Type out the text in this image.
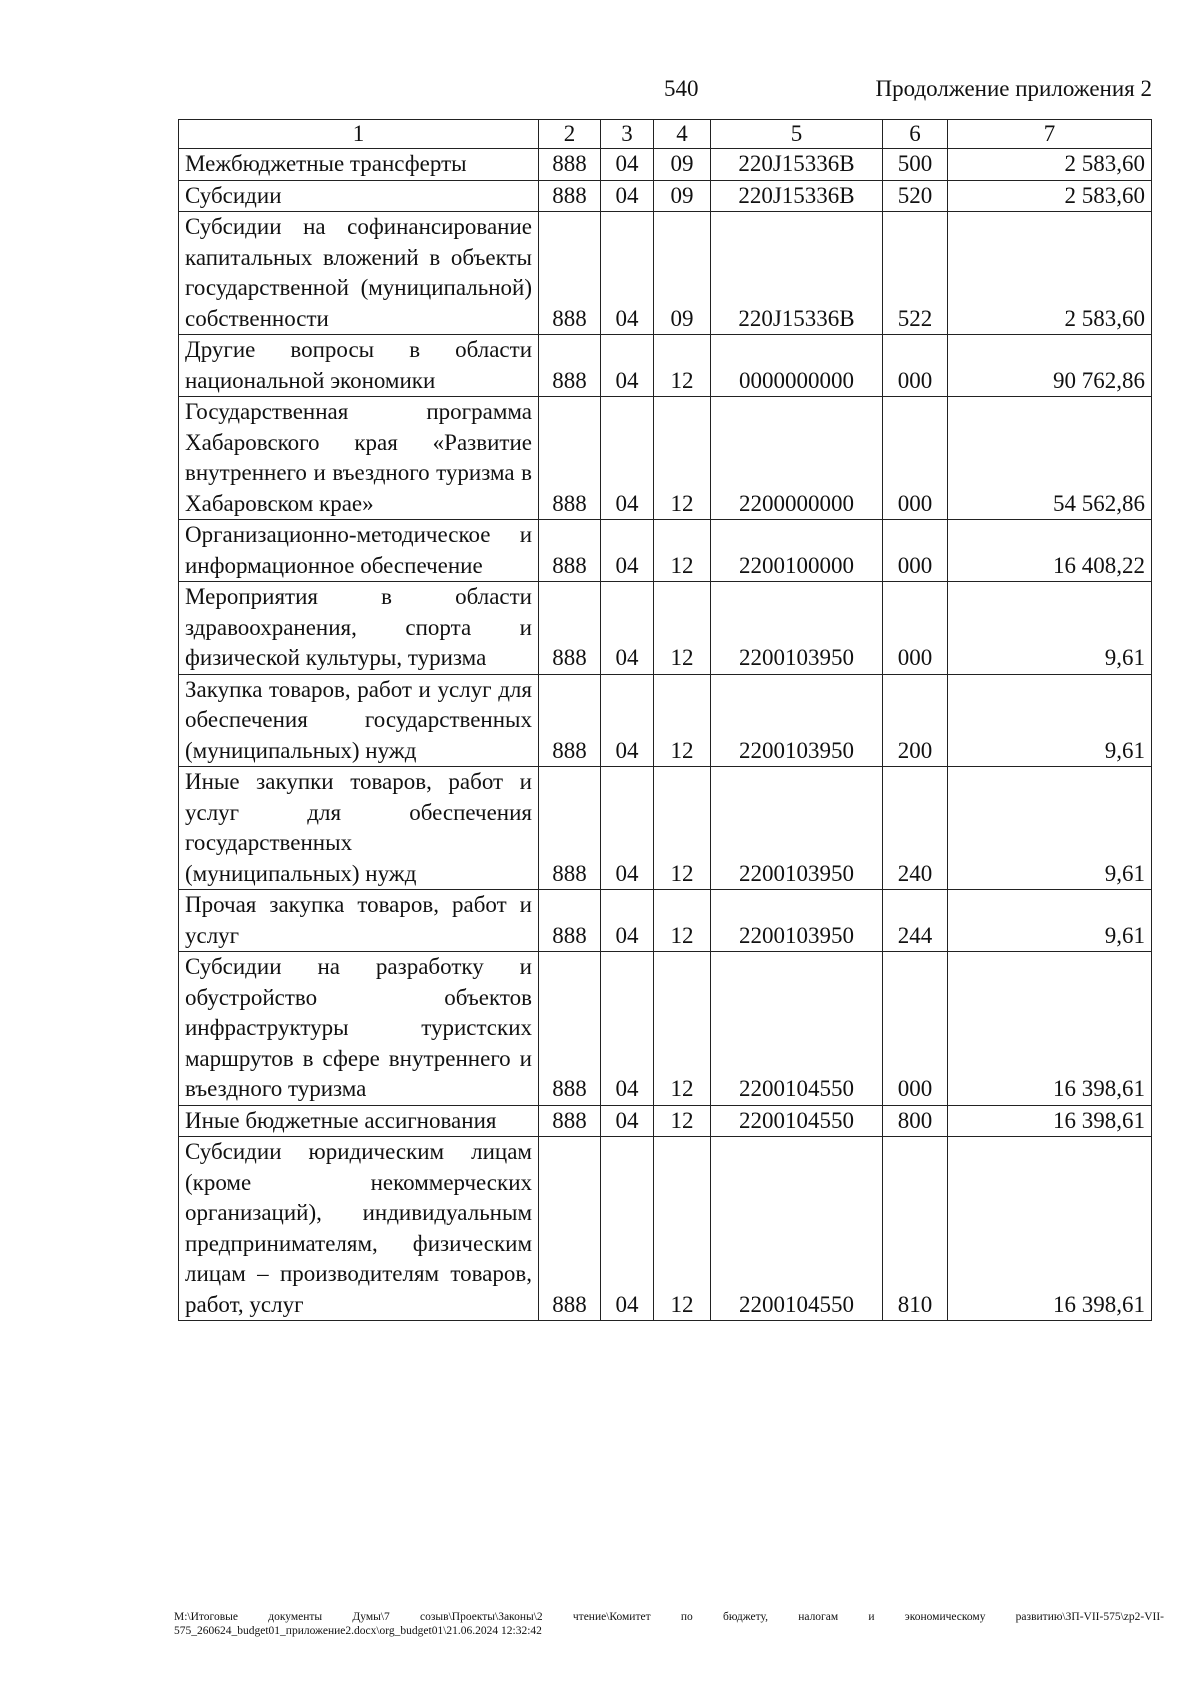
540	Продолжение приложения 2
1	2	3	4	5	6	7
Межбюджетные трансферты	888	04	09	220J15336В	500	2 583,60
Субсидии	888	04	09	220J15336В	520	2 583,60
Субсидии на софинансирование капитальных вложений в объекты государственной (муниципальной) собственности	888	04	09	220J15336В	522	2 583,60
Другие вопросы в области национальной экономики	888	04	12	0000000000	000	90 762,86
Государственная программа Хабаровского края «Развитие внутреннего и въездного туризма в Хабаровском крае»	888	04	12	2200000000	000	54 562,86
Организационно-методическое и информационное обеспечение	888	04	12	2200100000	000	16 408,22
Мероприятия в области здравоохранения, спорта и физической культуры, туризма	888	04	12	2200103950	000	9,61
Закупка товаров, работ и услуг для обеспечения государственных (муниципальных) нужд	888	04	12	2200103950	200	9,61
Иные закупки товаров, работ и услуг для обеспечения государственных (муниципальных) нужд	888	04	12	2200103950	240	9,61
Прочая закупка товаров, работ и услуг	888	04	12	2200103950	244	9,61
Субсидии на разработку и обустройство объектов инфраструктуры туристских маршрутов в сфере внутреннего и въездного туризма	888	04	12	2200104550	000	16 398,61
Иные бюджетные ассигнования	888	04	12	2200104550	800	16 398,61
Субсидии юридическим лицам (кроме некоммерческих организаций), индивидуальным предпринимателям, физическим лицам – производителям товаров, работ, услуг	888	04	12	2200104550	810	16 398,61
M:\Итоговые документы Думы\7 созыв\Проекты\Законы\2 чтение\Комитет по бюджету, налогам и экономическому развитию\ЗП-VII-575\zp2-VII-575_260624_budget01_приложение2.docx\org_budget01\21.06.2024 12:32:42
